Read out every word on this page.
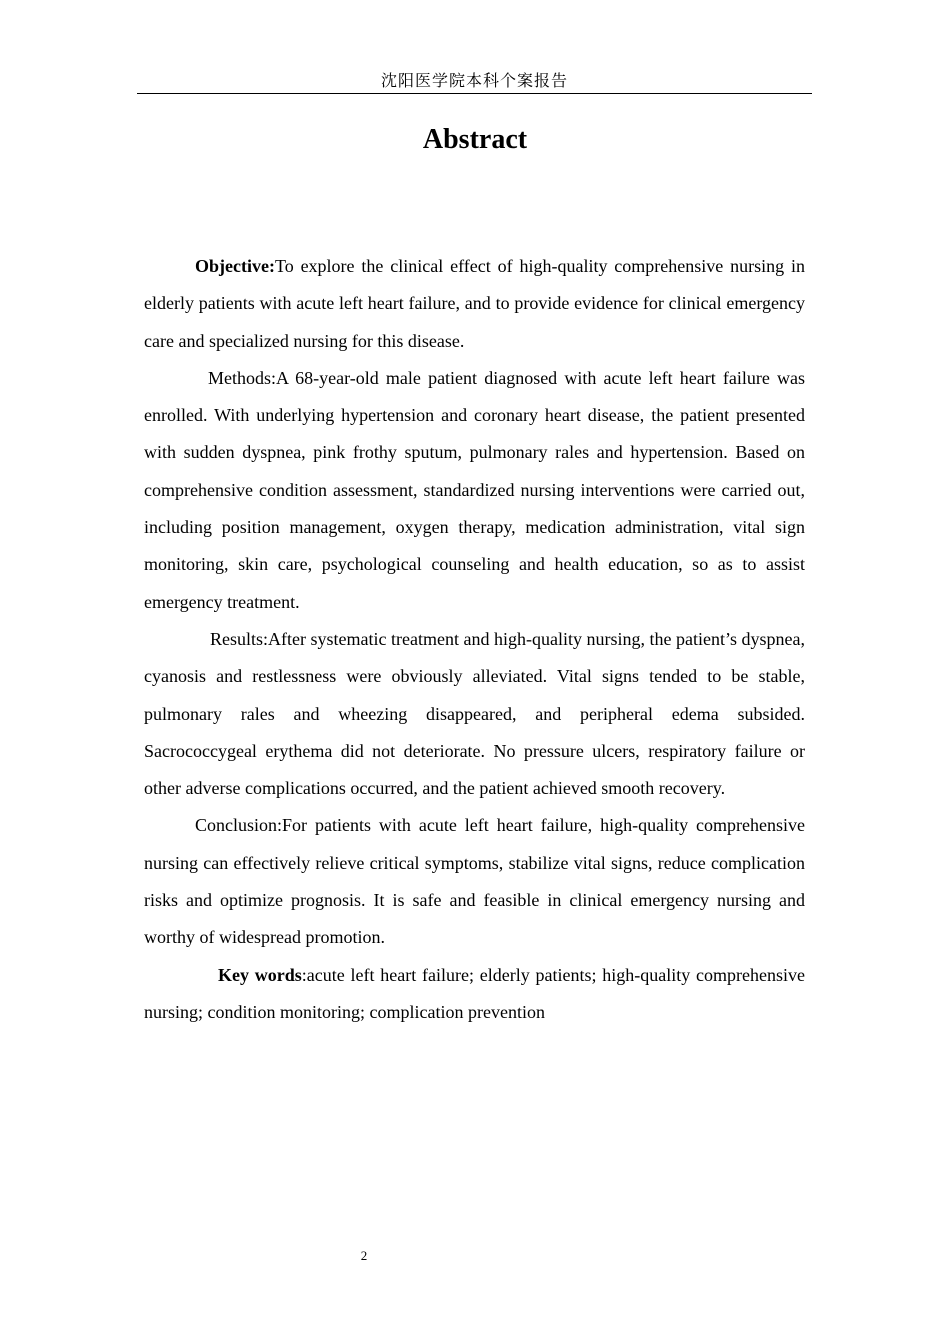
沈阳医学院本科个案报告
Abstract

Objective:To explore the clinical effect of high-quality comprehensive nursing in elderly patients with acute left heart failure, and to provide evidence for clinical emergency care and specialized nursing for this disease.

Methods:A 68-year-old male patient diagnosed with acute left heart failure was enrolled. With underlying hypertension and coronary heart disease, the patient presented with sudden dyspnea, pink frothy sputum, pulmonary rales and hypertension. Based on comprehensive condition assessment, standardized nursing interventions were carried out, including position management, oxygen therapy, medication administration, vital sign monitoring, skin care, psychological counseling and health education, so as to assist emergency treatment.

Results:After systematic treatment and high-quality nursing, the patient’s dyspnea, cyanosis and restlessness were obviously alleviated. Vital signs tended to be stable, pulmonary rales and wheezing disappeared, and peripheral edema subsided. Sacrococcygeal erythema did not deteriorate. No pressure ulcers, respiratory failure or other adverse complications occurred, and the patient achieved smooth recovery.

Conclusion:For patients with acute left heart failure, high-quality comprehensive nursing can effectively relieve critical symptoms, stabilize vital signs, reduce complication risks and optimize prognosis. It is safe and feasible in clinical emergency nursing and worthy of widespread promotion.

Key words:acute left heart failure; elderly patients; high-quality comprehensive nursing; condition monitoring; complication prevention

2
